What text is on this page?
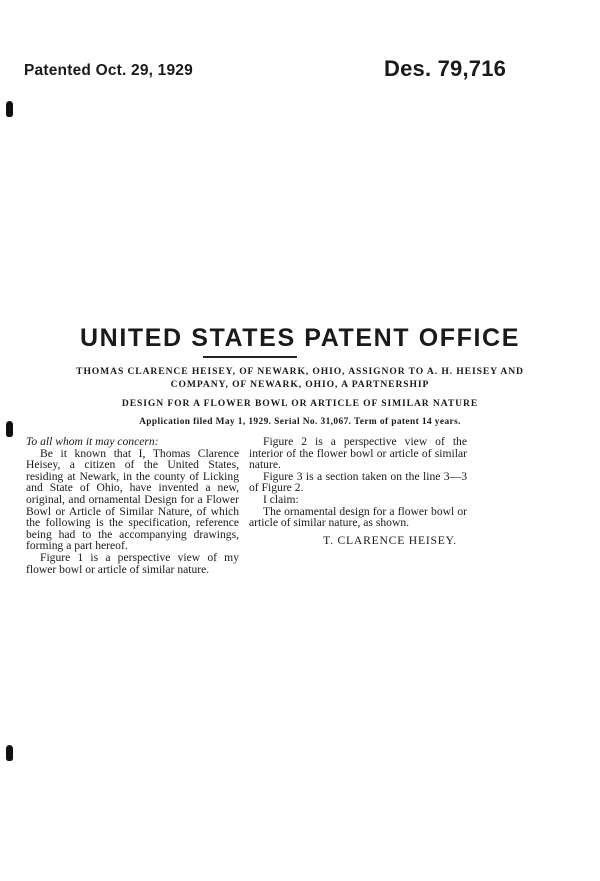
Patented Oct. 29, 1929	Des. 79,716
UNITED STATES PATENT OFFICE
THOMAS CLARENCE HEISEY, OF NEWARK, OHIO, ASSIGNOR TO A. H. HEISEY AND
COMPANY, OF NEWARK, OHIO, A PARTNERSHIP
DESIGN FOR A FLOWER BOWL OR ARTICLE OF SIMILAR NATURE
Application filed May 1, 1929. Serial No. 31,067. Term of patent 14 years.

To all whom it may concern:

Be it known that I, Thomas Clarence Heisey, a citizen of the United States, residing at Newark, in the county of Licking and State of Ohio, have invented a new, original, and ornamental Design for a Flower Bowl or Article of Similar Nature, of which the following is the specification, reference being had to the accompanying drawings, forming a part hereof.

Figure 1 is a perspective view of my flower bowl or article of similar nature.

Figure 2 is a perspective view of the interior of the flower bowl or article of similar nature.

Figure 3 is a section taken on the line 3—3 of Figure 2.

I claim:

The ornamental design for a flower bowl or article of similar nature, as shown.

T. CLARENCE HEISEY.
